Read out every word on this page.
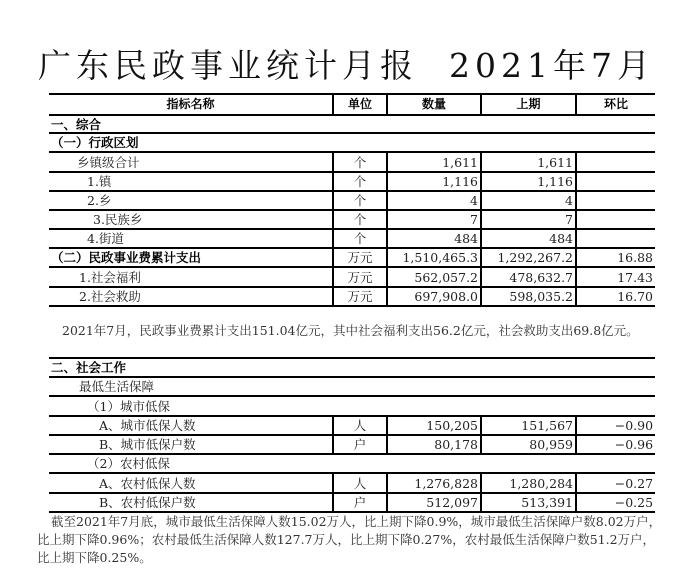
广东民政事业统计月报  2021年7月
指标名称	单位	数量	上期	环比
一、综合				
（一）行政区划				
乡镇级合计	个	1,611	1,611	
1.镇	个	1,116	1,116	
2.乡	个	4	4	
3.民族乡	个	7	7	
4.街道	个	484	484	
（二）民政事业费累计支出	万元	1,510,465.3	1,292,267.2	16.88
1.社会福利	万元	562,057.2	478,632.7	17.43
2.社会救助	万元	697,908.0	598,035.2	16.70
2021年7月，民政事业费累计支出151.04亿元，其中社会福利支出56.2亿元，社会救助支出69.8亿元。
二、社会工作				
最低生活保障				
（1）城市低保				
A、城市低保人数	人	150,205	151,567	−0.90
B、城市低保户数	户	80,178	80,959	−0.96
（2）农村低保				
A、农村低保人数	人	1,276,828	1,280,284	−0.27
B、农村低保户数	户	512,097	513,391	−0.25
截至2021年7月底，城市最低生活保障人数15.02万人，比上期下降0.9%，城市最低生活保障户数8.02万户，比上期下降0.96%；农村最低生活保障人数127.7万人，比上期下降0.27%，农村最低生活保障户数51.2万户，比上期下降0.25%。
